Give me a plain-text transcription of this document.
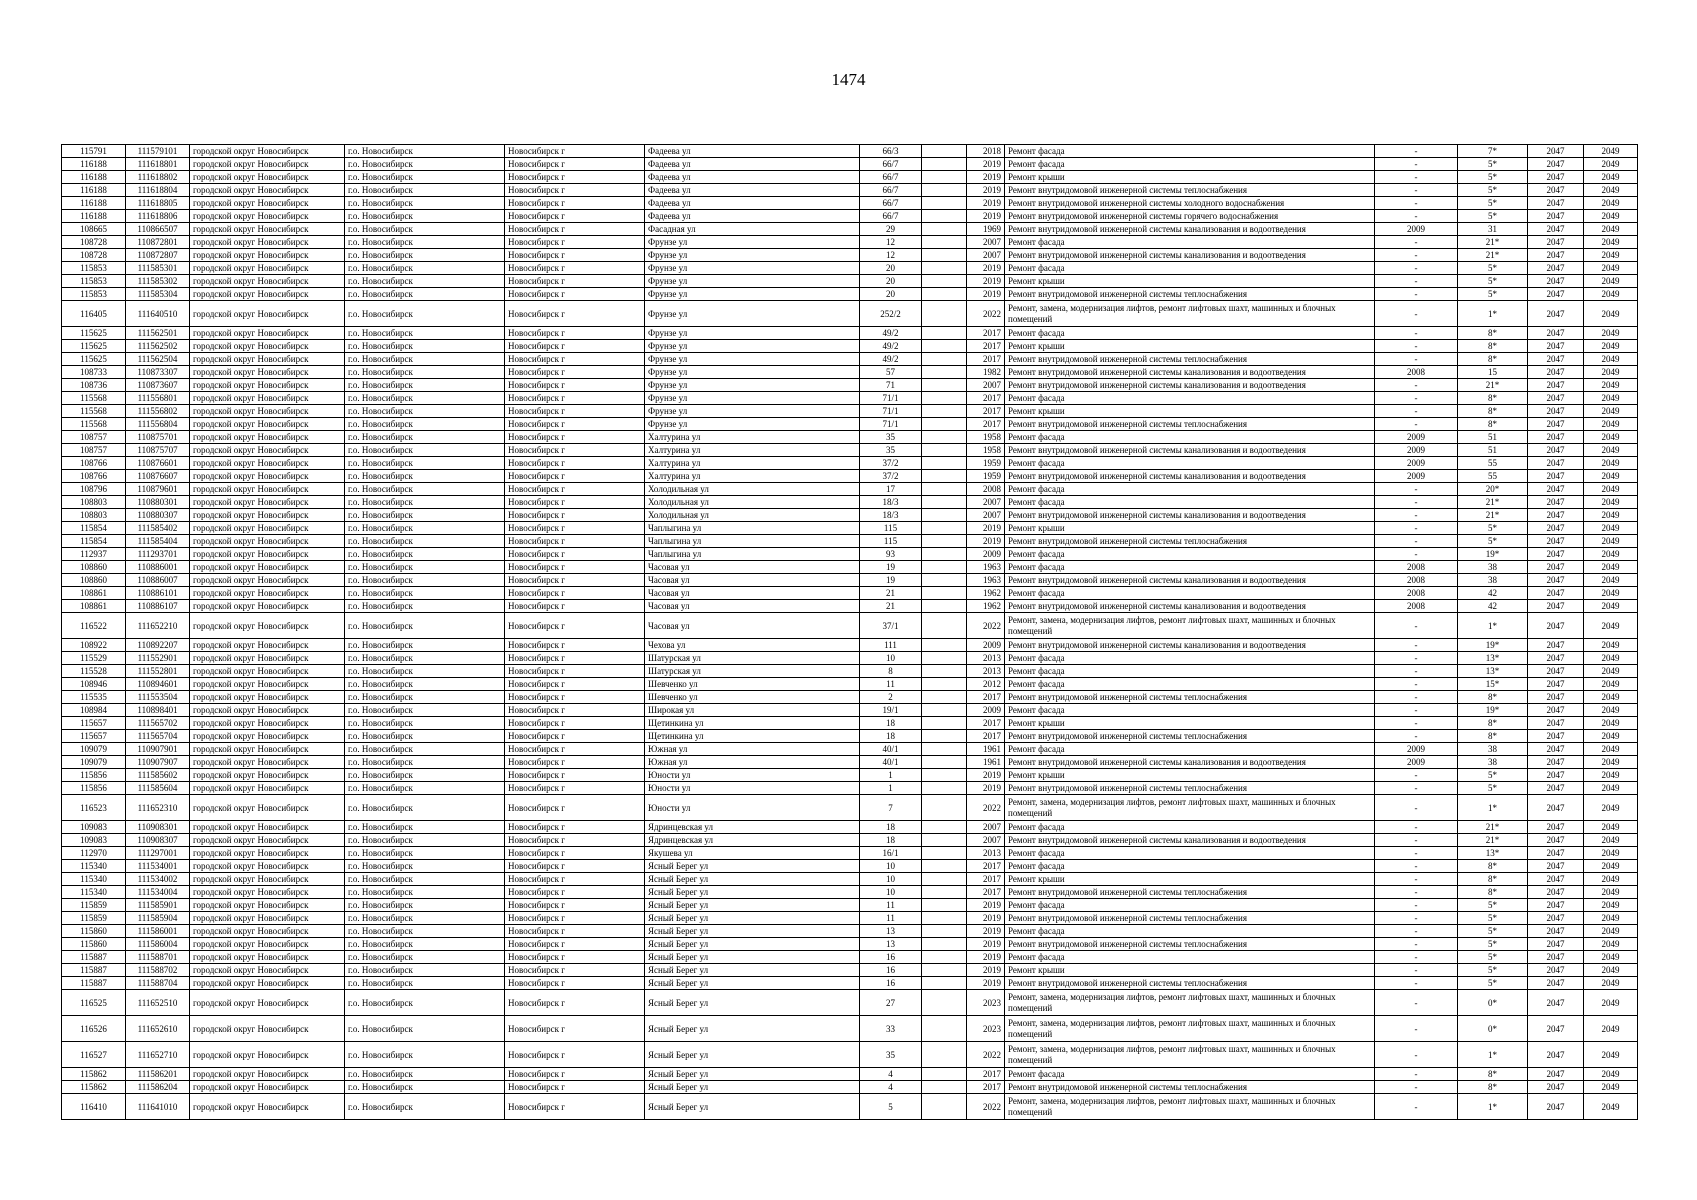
1474
115791	111579101	городской округ Новосибирск	г.о. Новосибирск	Новосибирск г	Фадеева ул	66/3		2018	Ремонт фасада	-	7*	2047	2049
116188	111618801	городской округ Новосибирск	г.о. Новосибирск	Новосибирск г	Фадеева ул	66/7		2019	Ремонт фасада	-	5*	2047	2049
116188	111618802	городской округ Новосибирск	г.о. Новосибирск	Новосибирск г	Фадеева ул	66/7		2019	Ремонт крыши	-	5*	2047	2049
116188	111618804	городской округ Новосибирск	г.о. Новосибирск	Новосибирск г	Фадеева ул	66/7		2019	Ремонт внутридомовой инженерной системы теплоснабжения	-	5*	2047	2049
116188	111618805	городской округ Новосибирск	г.о. Новосибирск	Новосибирск г	Фадеева ул	66/7		2019	Ремонт внутридомовой инженерной системы холодного водоснабжения	-	5*	2047	2049
116188	111618806	городской округ Новосибирск	г.о. Новосибирск	Новосибирск г	Фадеева ул	66/7		2019	Ремонт внутридомовой инженерной системы горячего водоснабжения	-	5*	2047	2049
108665	110866507	городской округ Новосибирск	г.о. Новосибирск	Новосибирск г	Фасадная ул	29		1969	Ремонт внутридомовой инженерной системы канализования и водоотведения	2009	31	2047	2049
108728	110872801	городской округ Новосибирск	г.о. Новосибирск	Новосибирск г	Фрунзе ул	12		2007	Ремонт фасада	-	21*	2047	2049
108728	110872807	городской округ Новосибирск	г.о. Новосибирск	Новосибирск г	Фрунзе ул	12		2007	Ремонт внутридомовой инженерной системы канализования и водоотведения	-	21*	2047	2049
115853	111585301	городской округ Новосибирск	г.о. Новосибирск	Новосибирск г	Фрунзе ул	20		2019	Ремонт фасада	-	5*	2047	2049
115853	111585302	городской округ Новосибирск	г.о. Новосибирск	Новосибирск г	Фрунзе ул	20		2019	Ремонт крыши	-	5*	2047	2049
115853	111585304	городской округ Новосибирск	г.о. Новосибирск	Новосибирск г	Фрунзе ул	20		2019	Ремонт внутридомовой инженерной системы теплоснабжения	-	5*	2047	2049
116405	111640510	городской округ Новосибирск	г.о. Новосибирск	Новосибирск г	Фрунзе ул	252/2		2022	Ремонт, замена, модернизация лифтов, ремонт лифтовых шахт, машинных и блочных помещений	-	1*	2047	2049
115625	111562501	городской округ Новосибирск	г.о. Новосибирск	Новосибирск г	Фрунзе ул	49/2		2017	Ремонт фасада	-	8*	2047	2049
115625	111562502	городской округ Новосибирск	г.о. Новосибирск	Новосибирск г	Фрунзе ул	49/2		2017	Ремонт крыши	-	8*	2047	2049
115625	111562504	городской округ Новосибирск	г.о. Новосибирск	Новосибирск г	Фрунзе ул	49/2		2017	Ремонт внутридомовой инженерной системы теплоснабжения	-	8*	2047	2049
108733	110873307	городской округ Новосибирск	г.о. Новосибирск	Новосибирск г	Фрунзе ул	57		1982	Ремонт внутридомовой инженерной системы канализования и водоотведения	2008	15	2047	2049
108736	110873607	городской округ Новосибирск	г.о. Новосибирск	Новосибирск г	Фрунзе ул	71		2007	Ремонт внутридомовой инженерной системы канализования и водоотведения	-	21*	2047	2049
115568	111556801	городской округ Новосибирск	г.о. Новосибирск	Новосибирск г	Фрунзе ул	71/1		2017	Ремонт фасада	-	8*	2047	2049
115568	111556802	городской округ Новосибирск	г.о. Новосибирск	Новосибирск г	Фрунзе ул	71/1		2017	Ремонт крыши	-	8*	2047	2049
115568	111556804	городской округ Новосибирск	г.о. Новосибирск	Новосибирск г	Фрунзе ул	71/1		2017	Ремонт внутридомовой инженерной системы теплоснабжения	-	8*	2047	2049
108757	110875701	городской округ Новосибирск	г.о. Новосибирск	Новосибирск г	Халтурина ул	35		1958	Ремонт фасада	2009	51	2047	2049
108757	110875707	городской округ Новосибирск	г.о. Новосибирск	Новосибирск г	Халтурина ул	35		1958	Ремонт внутридомовой инженерной системы канализования и водоотведения	2009	51	2047	2049
108766	110876601	городской округ Новосибирск	г.о. Новосибирск	Новосибирск г	Халтурина ул	37/2		1959	Ремонт фасада	2009	55	2047	2049
108766	110876607	городской округ Новосибирск	г.о. Новосибирск	Новосибирск г	Халтурина ул	37/2		1959	Ремонт внутридомовой инженерной системы канализования и водоотведения	2009	55	2047	2049
108796	110879601	городской округ Новосибирск	г.о. Новосибирск	Новосибирск г	Холодильная ул	17		2008	Ремонт фасада	-	20*	2047	2049
108803	110880301	городской округ Новосибирск	г.о. Новосибирск	Новосибирск г	Холодильная ул	18/3		2007	Ремонт фасада	-	21*	2047	2049
108803	110880307	городской округ Новосибирск	г.о. Новосибирск	Новосибирск г	Холодильная ул	18/3		2007	Ремонт внутридомовой инженерной системы канализования и водоотведения	-	21*	2047	2049
115854	111585402	городской округ Новосибирск	г.о. Новосибирск	Новосибирск г	Чаплыгина ул	115		2019	Ремонт крыши	-	5*	2047	2049
115854	111585404	городской округ Новосибирск	г.о. Новосибирск	Новосибирск г	Чаплыгина ул	115		2019	Ремонт внутридомовой инженерной системы теплоснабжения	-	5*	2047	2049
112937	111293701	городской округ Новосибирск	г.о. Новосибирск	Новосибирск г	Чаплыгина ул	93		2009	Ремонт фасада	-	19*	2047	2049
108860	110886001	городской округ Новосибирск	г.о. Новосибирск	Новосибирск г	Часовая ул	19		1963	Ремонт фасада	2008	38	2047	2049
108860	110886007	городской округ Новосибирск	г.о. Новосибирск	Новосибирск г	Часовая ул	19		1963	Ремонт внутридомовой инженерной системы канализования и водоотведения	2008	38	2047	2049
108861	110886101	городской округ Новосибирск	г.о. Новосибирск	Новосибирск г	Часовая ул	21		1962	Ремонт фасада	2008	42	2047	2049
108861	110886107	городской округ Новосибирск	г.о. Новосибирск	Новосибирск г	Часовая ул	21		1962	Ремонт внутридомовой инженерной системы канализования и водоотведения	2008	42	2047	2049
116522	111652210	городской округ Новосибирск	г.о. Новосибирск	Новосибирск г	Часовая ул	37/1		2022	Ремонт, замена, модернизация лифтов, ремонт лифтовых шахт, машинных и блочных помещений	-	1*	2047	2049
108922	110892207	городской округ Новосибирск	г.о. Новосибирск	Новосибирск г	Чехова ул	111		2009	Ремонт внутридомовой инженерной системы канализования и водоотведения	-	19*	2047	2049
115529	111552901	городской округ Новосибирск	г.о. Новосибирск	Новосибирск г	Шатурская ул	10		2013	Ремонт фасада	-	13*	2047	2049
115528	111552801	городской округ Новосибирск	г.о. Новосибирск	Новосибирск г	Шатурская ул	8		2013	Ремонт фасада	-	13*	2047	2049
108946	110894601	городской округ Новосибирск	г.о. Новосибирск	Новосибирск г	Шевченко ул	11		2012	Ремонт фасада	-	15*	2047	2049
115535	111553504	городской округ Новосибирск	г.о. Новосибирск	Новосибирск г	Шевченко ул	2		2017	Ремонт внутридомовой инженерной системы теплоснабжения	-	8*	2047	2049
108984	110898401	городской округ Новосибирск	г.о. Новосибирск	Новосибирск г	Широкая ул	19/1		2009	Ремонт фасада	-	19*	2047	2049
115657	111565702	городской округ Новосибирск	г.о. Новосибирск	Новосибирск г	Щетинкина ул	18		2017	Ремонт крыши	-	8*	2047	2049
115657	111565704	городской округ Новосибирск	г.о. Новосибирск	Новосибирск г	Щетинкина ул	18		2017	Ремонт внутридомовой инженерной системы теплоснабжения	-	8*	2047	2049
109079	110907901	городской округ Новосибирск	г.о. Новосибирск	Новосибирск г	Южная ул	40/1		1961	Ремонт фасада	2009	38	2047	2049
109079	110907907	городской округ Новосибирск	г.о. Новосибирск	Новосибирск г	Южная ул	40/1		1961	Ремонт внутридомовой инженерной системы канализования и водоотведения	2009	38	2047	2049
115856	111585602	городской округ Новосибирск	г.о. Новосибирск	Новосибирск г	Юности ул	1		2019	Ремонт крыши	-	5*	2047	2049
115856	111585604	городской округ Новосибирск	г.о. Новосибирск	Новосибирск г	Юности ул	1		2019	Ремонт внутридомовой инженерной системы теплоснабжения	-	5*	2047	2049
116523	111652310	городской округ Новосибирск	г.о. Новосибирск	Новосибирск г	Юности ул	7		2022	Ремонт, замена, модернизация лифтов, ремонт лифтовых шахт, машинных и блочных помещений	-	1*	2047	2049
109083	110908301	городской округ Новосибирск	г.о. Новосибирск	Новосибирск г	Ядринцевская ул	18		2007	Ремонт фасада	-	21*	2047	2049
109083	110908307	городской округ Новосибирск	г.о. Новосибирск	Новосибирск г	Ядринцевская ул	18		2007	Ремонт внутридомовой инженерной системы канализования и водоотведения	-	21*	2047	2049
112970	111297001	городской округ Новосибирск	г.о. Новосибирск	Новосибирск г	Якушева ул	16/1		2013	Ремонт фасада	-	13*	2047	2049
115340	111534001	городской округ Новосибирск	г.о. Новосибирск	Новосибирск г	Ясный Берег ул	10		2017	Ремонт фасада	-	8*	2047	2049
115340	111534002	городской округ Новосибирск	г.о. Новосибирск	Новосибирск г	Ясный Берег ул	10		2017	Ремонт крыши	-	8*	2047	2049
115340	111534004	городской округ Новосибирск	г.о. Новосибирск	Новосибирск г	Ясный Берег ул	10		2017	Ремонт внутридомовой инженерной системы теплоснабжения	-	8*	2047	2049
115859	111585901	городской округ Новосибирск	г.о. Новосибирск	Новосибирск г	Ясный Берег ул	11		2019	Ремонт фасада	-	5*	2047	2049
115859	111585904	городской округ Новосибирск	г.о. Новосибирск	Новосибирск г	Ясный Берег ул	11		2019	Ремонт внутридомовой инженерной системы теплоснабжения	-	5*	2047	2049
115860	111586001	городской округ Новосибирск	г.о. Новосибирск	Новосибирск г	Ясный Берег ул	13		2019	Ремонт фасада	-	5*	2047	2049
115860	111586004	городской округ Новосибирск	г.о. Новосибирск	Новосибирск г	Ясный Берег ул	13		2019	Ремонт внутридомовой инженерной системы теплоснабжения	-	5*	2047	2049
115887	111588701	городской округ Новосибирск	г.о. Новосибирск	Новосибирск г	Ясный Берег ул	16		2019	Ремонт фасада	-	5*	2047	2049
115887	111588702	городской округ Новосибирск	г.о. Новосибирск	Новосибирск г	Ясный Берег ул	16		2019	Ремонт крыши	-	5*	2047	2049
115887	111588704	городской округ Новосибирск	г.о. Новосибирск	Новосибирск г	Ясный Берег ул	16		2019	Ремонт внутридомовой инженерной системы теплоснабжения	-	5*	2047	2049
116525	111652510	городской округ Новосибирск	г.о. Новосибирск	Новосибирск г	Ясный Берег ул	27		2023	Ремонт, замена, модернизация лифтов, ремонт лифтовых шахт, машинных и блочных помещений	-	0*	2047	2049
116526	111652610	городской округ Новосибирск	г.о. Новосибирск	Новосибирск г	Ясный Берег ул	33		2023	Ремонт, замена, модернизация лифтов, ремонт лифтовых шахт, машинных и блочных помещений	-	0*	2047	2049
116527	111652710	городской округ Новосибирск	г.о. Новосибирск	Новосибирск г	Ясный Берег ул	35		2022	Ремонт, замена, модернизация лифтов, ремонт лифтовых шахт, машинных и блочных помещений	-	1*	2047	2049
115862	111586201	городской округ Новосибирск	г.о. Новосибирск	Новосибирск г	Ясный Берег ул	4		2017	Ремонт фасада	-	8*	2047	2049
115862	111586204	городской округ Новосибирск	г.о. Новосибирск	Новосибирск г	Ясный Берег ул	4		2017	Ремонт внутридомовой инженерной системы теплоснабжения	-	8*	2047	2049
116410	111641010	городской округ Новосибирск	г.о. Новосибирск	Новосибирск г	Ясный Берег ул	5		2022	Ремонт, замена, модернизация лифтов, ремонт лифтовых шахт, машинных и блочных помещений	-	1*	2047	2049
